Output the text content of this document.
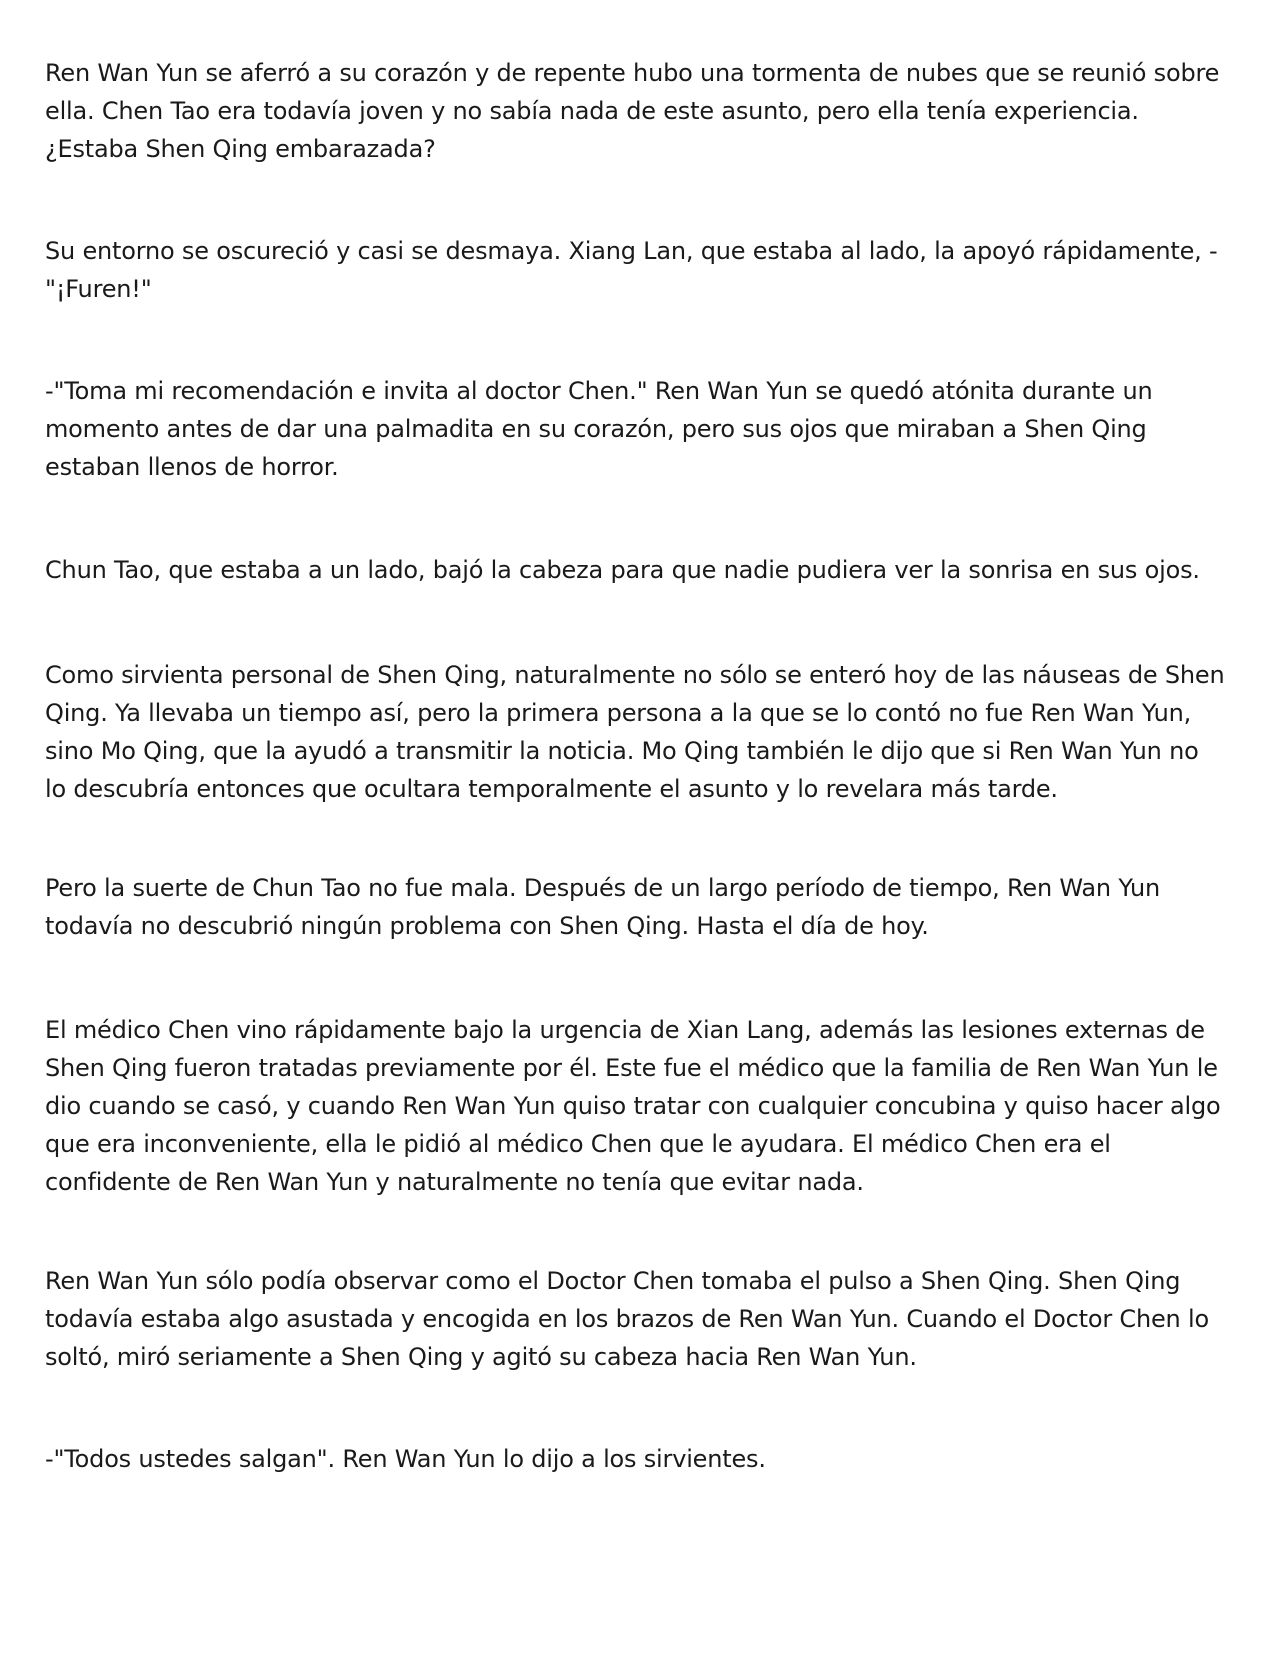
Ren Wan Yun se aferró a su corazón y de repente hubo una tormenta de nubes que se reunió sobre
ella. Chen Tao era todavía joven y no sabía nada de este asunto, pero ella tenía experiencia.
¿Estaba Shen Qing embarazada?

Su entorno se oscureció y casi se desmaya. Xiang Lan, que estaba al lado, la apoyó rápidamente, -
"¡Furen!"

-"Toma mi recomendación e invita al doctor Chen." Ren Wan Yun se quedó atónita durante un
momento antes de dar una palmadita en su corazón, pero sus ojos que miraban a Shen Qing
estaban llenos de horror.

Chun Tao, que estaba a un lado, bajó la cabeza para que nadie pudiera ver la sonrisa en sus ojos.

Como sirvienta personal de Shen Qing, naturalmente no sólo se enteró hoy de las náuseas de Shen
Qing. Ya llevaba un tiempo así, pero la primera persona a la que se lo contó no fue Ren Wan Yun,
sino Mo Qing, que la ayudó a transmitir la noticia. Mo Qing también le dijo que si Ren Wan Yun no
lo descubría entonces que ocultara temporalmente el asunto y lo revelara más tarde.

Pero la suerte de Chun Tao no fue mala. Después de un largo período de tiempo, Ren Wan Yun
todavía no descubrió ningún problema con Shen Qing. Hasta el día de hoy.

El médico Chen vino rápidamente bajo la urgencia de Xian Lang, además las lesiones externas de
Shen Qing fueron tratadas previamente por él. Este fue el médico que la familia de Ren Wan Yun le
dio cuando se casó, y cuando Ren Wan Yun quiso tratar con cualquier concubina y quiso hacer algo
que era inconveniente, ella le pidió al médico Chen que le ayudara. El médico Chen era el
confidente de Ren Wan Yun y naturalmente no tenía que evitar nada.

Ren Wan Yun sólo podía observar como el Doctor Chen tomaba el pulso a Shen Qing. Shen Qing
todavía estaba algo asustada y encogida en los brazos de Ren Wan Yun. Cuando el Doctor Chen lo
soltó, miró seriamente a Shen Qing y agitó su cabeza hacia Ren Wan Yun.

-"Todos ustedes salgan". Ren Wan Yun lo dijo a los sirvientes.
